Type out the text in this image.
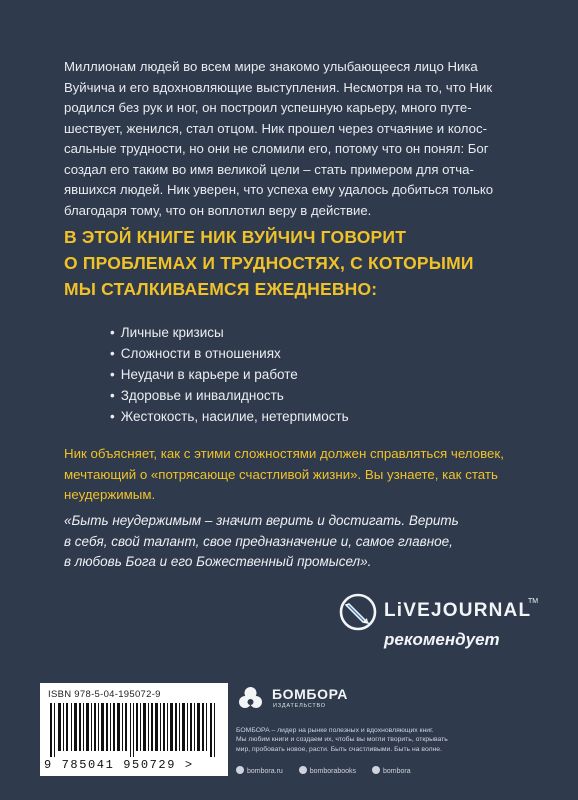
Миллионам людей во всем мире знакомо улыбающееся лицо Ника
Вуйчича и его вдохновляющие выступления. Несмотря на то, что Ник
родился без рук и ног, он построил успешную карьеру, много путе-
шествует, женился, стал отцом. Ник прошел через отчаяние и колос-
сальные трудности, но они не сломили его, потому что он понял: Бог
создал его таким во имя великой цели – стать примером для отча-
явшихся людей. Ник уверен, что успеха ему удалось добиться только
благодаря тому, что он воплотил веру в действие.
В ЭТОЙ КНИГЕ НИК ВУЙЧИЧ ГОВОРИТ
О ПРОБЛЕМАХ И ТРУДНОСТЯХ, С КОТОРЫМИ
МЫ СТАЛКИВАЕМСЯ ЕЖЕДНЕВНО:
• Личные кризисы
• Сложности в отношениях
• Неудачи в карьере и работе
• Здоровье и инвалидность
• Жестокость, насилие, нетерпимость
Ник объясняет, как с этими сложностями должен справляться человек,
мечтающий о «потрясающе счастливой жизни». Вы узнаете, как стать
неудержимым.
«Быть неудержимым – значит верить и достигать. Верить
в себя, свой талант, свое предназначение и, самое главное,
в любовь Бога и его Божественный промысел».
LiVEJOURNAL
TM
рекомендует
ISBN 978-5-04-195072-9
9 785041 950729 >
БОМБОРА
ИЗДАТЕЛЬСТВО
БОМБОРА – лидер на рынке полезных и вдохновляющих книг.
Мы любим книги и создаем их, чтобы вы могли творить, открывать
мир, пробовать новое, расти. Быть счастливыми. Быть на волне.
bombora.ru	bomborabooks	bombora
